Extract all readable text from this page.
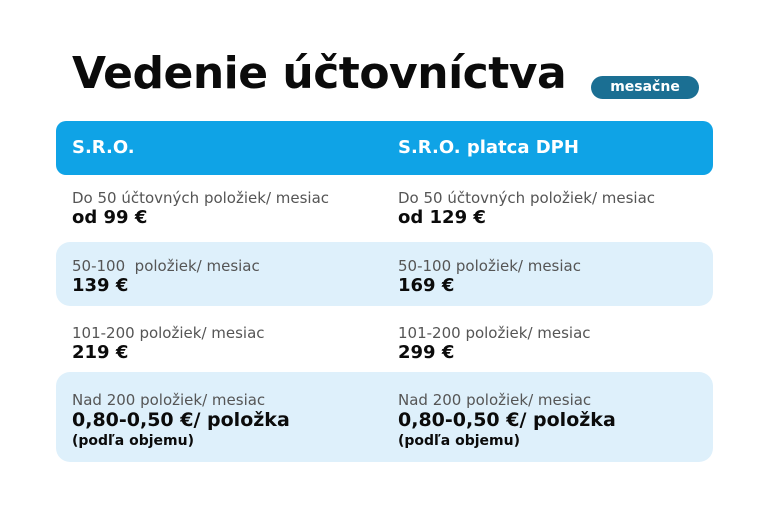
Vedenie účtovníctva	mesačne
S.R.O.	S.R.O. platca DPH
Do 50 účtovných položiek/ mesiac
od 99 €
Do 50 účtovných položiek/ mesiac
od 129 €
50-100  položiek/ mesiac
139 €
50-100 položiek/ mesiac
169 €
101-200 položiek/ mesiac
219 €
101-200 položiek/ mesiac
299 €
Nad 200 položiek/ mesiac
0,80-0,50 €/ položka
(podľa objemu)
Nad 200 položiek/ mesiac
0,80-0,50 €/ položka
(podľa objemu)
